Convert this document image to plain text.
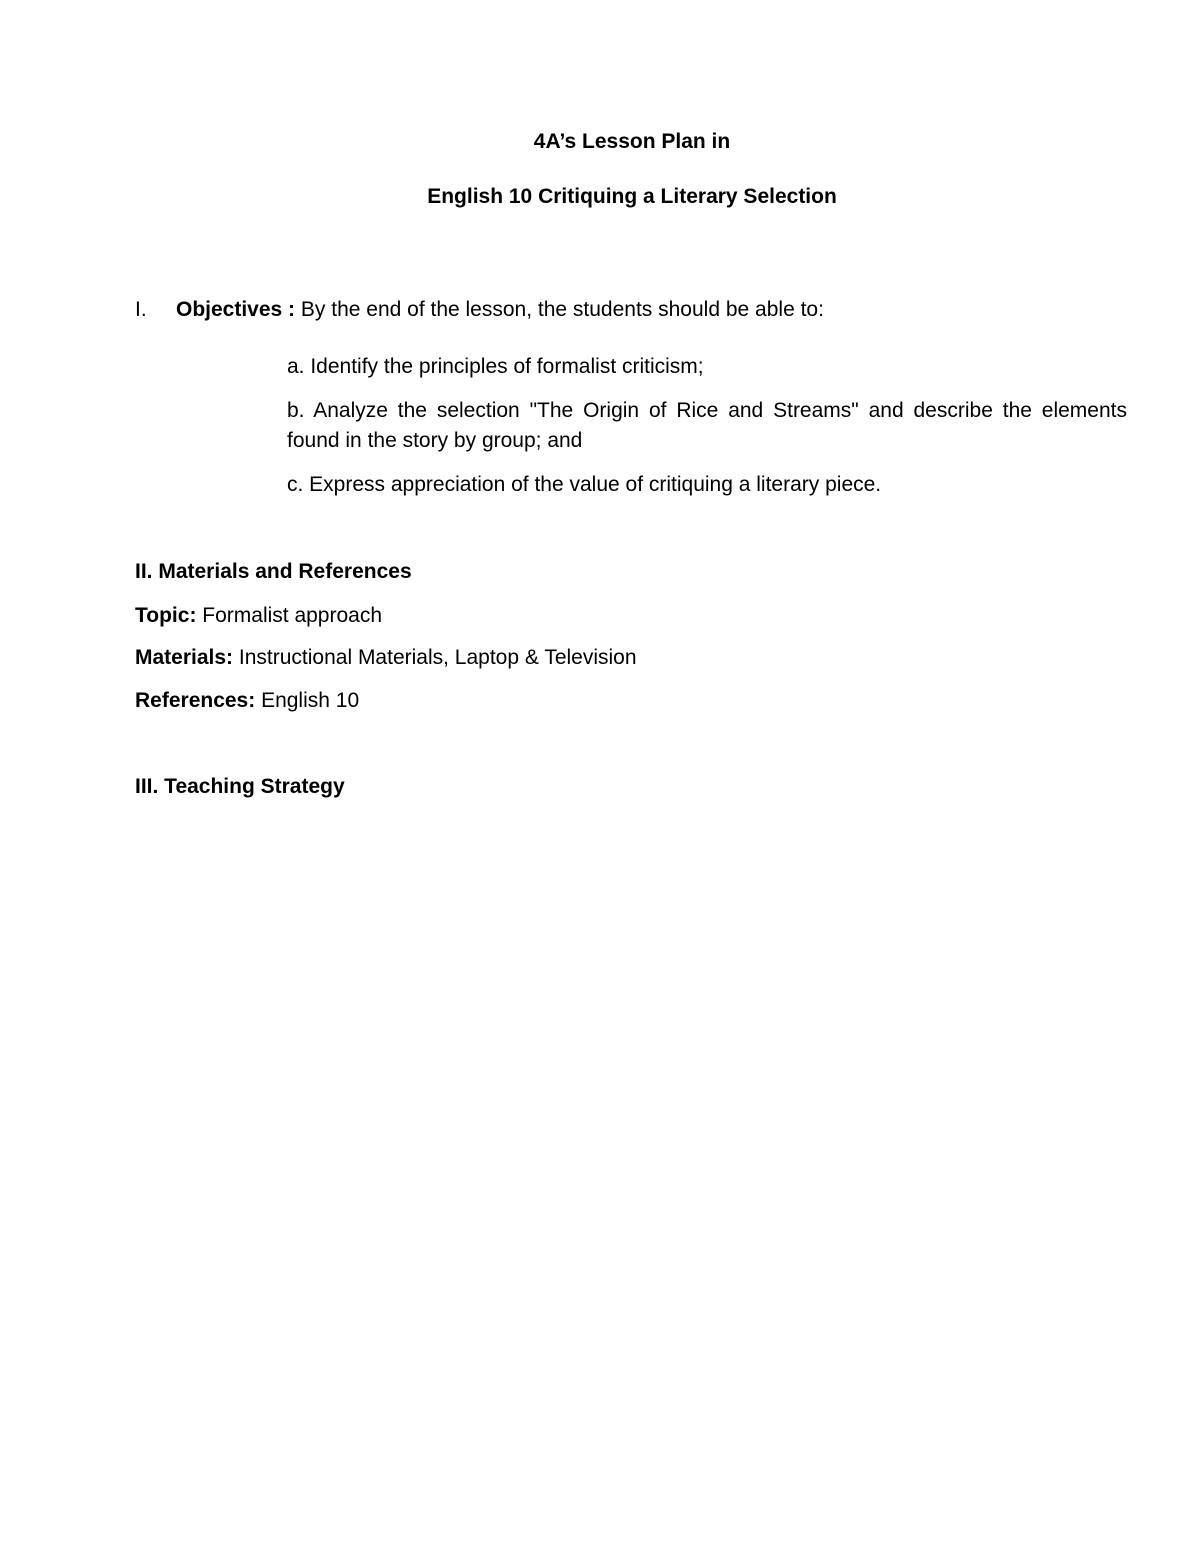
4A’s Lesson Plan in
English 10 Critiquing a Literary Selection
I. Objectives : By the end of the lesson, the students should be able to:
a. Identify the principles of formalist criticism;
b. Analyze the selection "The Origin of Rice and Streams" and describe the elements found in the story by group; and
c. Express appreciation of the value of critiquing a literary piece.
II. Materials and References
Topic: Formalist approach
Materials: Instructional Materials, Laptop & Television
References: English 10
III. Teaching Strategy
